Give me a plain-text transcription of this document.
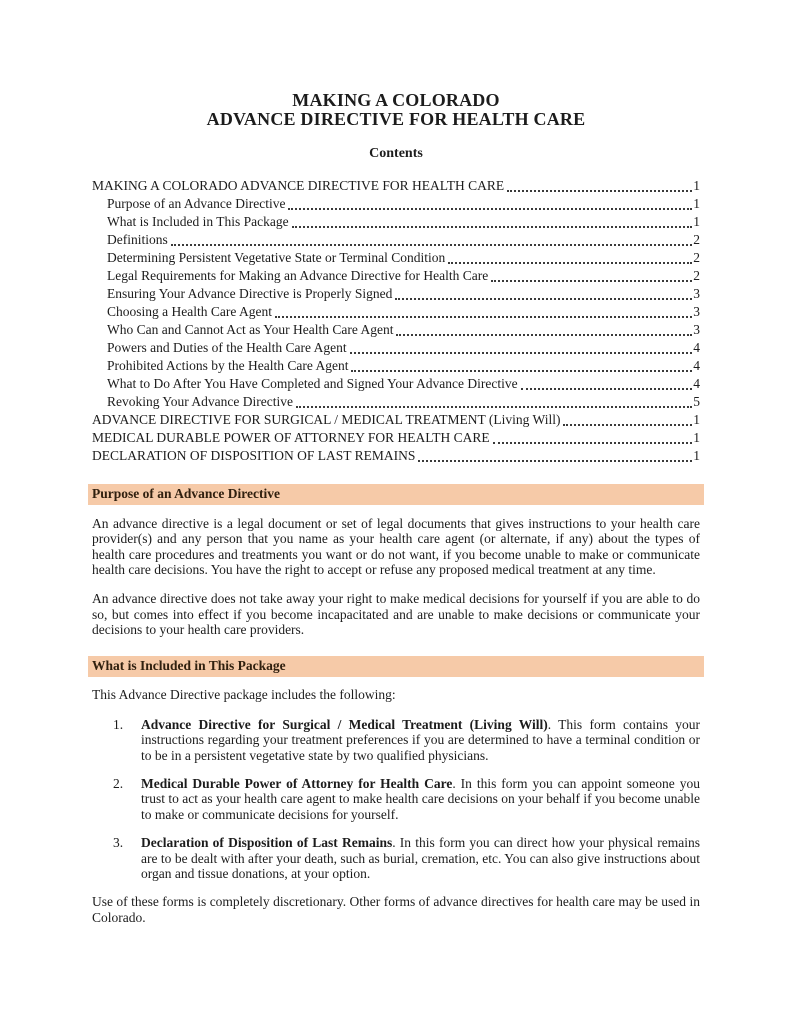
MAKING A COLORADO
ADVANCE DIRECTIVE FOR HEALTH CARE
Contents
MAKING A COLORADO ADVANCE DIRECTIVE FOR HEALTH CARE	1
Purpose of an Advance Directive	1
What is Included in This Package	1
Definitions	2
Determining Persistent Vegetative State or Terminal Condition	2
Legal Requirements for Making an Advance Directive for Health Care	2
Ensuring Your Advance Directive is Properly Signed	3
Choosing a Health Care Agent	3
Who Can and Cannot Act as Your Health Care Agent	3
Powers and Duties of the Health Care Agent	4
Prohibited Actions by the Health Care Agent	4
What to Do After You Have Completed and Signed Your Advance Directive	4
Revoking Your Advance Directive	5
ADVANCE DIRECTIVE FOR SURGICAL / MEDICAL TREATMENT (Living Will)	1
MEDICAL DURABLE POWER OF ATTORNEY FOR HEALTH CARE	1
DECLARATION OF DISPOSITION OF LAST REMAINS	1
Purpose of an Advance Directive

An advance directive is a legal document or set of legal documents that gives instructions to your health care provider(s) and any person that you name as your health care agent (or alternate, if any) about the types of health care procedures and treatments you want or do not want, if you become unable to make or communicate health care decisions. You have the right to accept or refuse any proposed medical treatment at any time.

An advance directive does not take away your right to make medical decisions for yourself if you are able to do so, but comes into effect if you become incapacitated and are unable to make decisions or communicate your decisions to your health care providers.

What is Included in This Package

This Advance Directive package includes the following:

1.	Advance Directive for Surgical / Medical Treatment (Living Will). This form contains your instructions regarding your treatment preferences if you are determined to have a terminal condition or to be in a persistent vegetative state by two qualified physicians.
2.	Medical Durable Power of Attorney for Health Care. In this form you can appoint someone you trust to act as your health care agent to make health care decisions on your behalf if you become unable to make or communicate decisions for yourself.
3.	Declaration of Disposition of Last Remains. In this form you can direct how your physical remains are to be dealt with after your death, such as burial, cremation, etc. You can also give instructions about organ and tissue donations, at your option.

Use of these forms is completely discretionary. Other forms of advance directives for health care may be used in Colorado.
